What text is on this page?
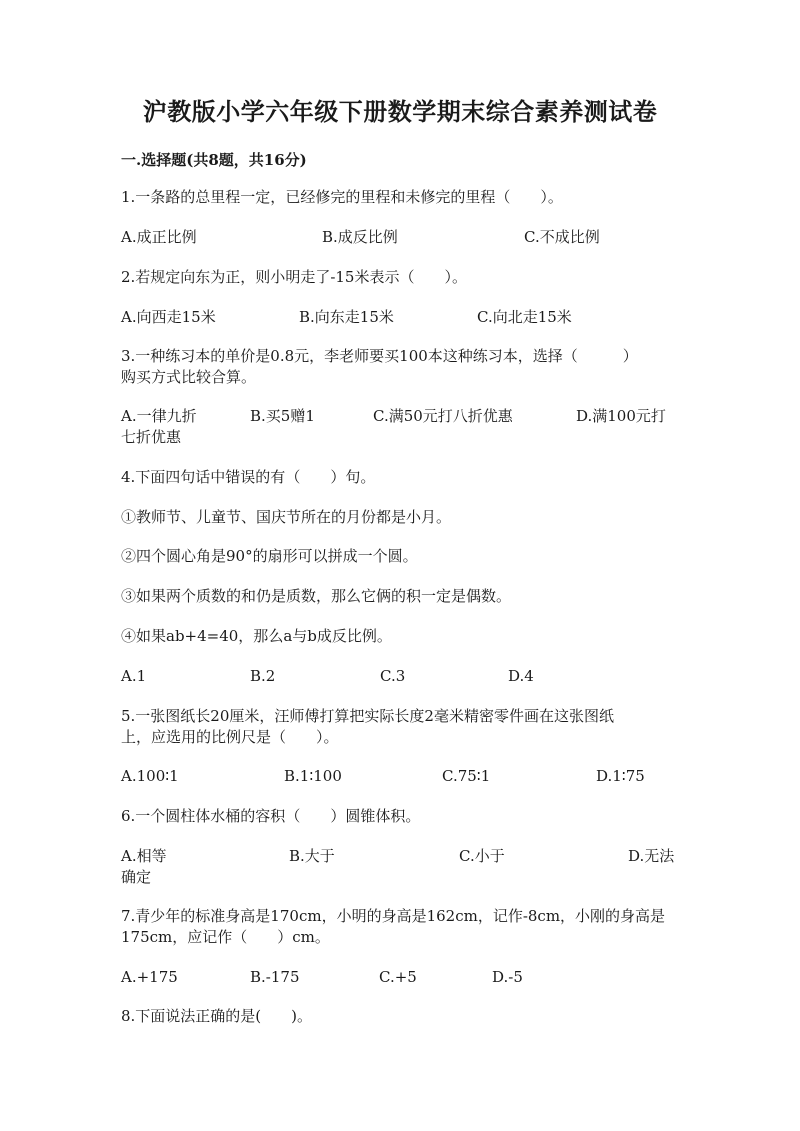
沪教版小学六年级下册数学期末综合素养测试卷
一.选择题(共8题，共16分)
1.一条路的总里程一定，已经修完的里程和未修完的里程（　　）。
A.成正比例	B.成反比例	C.不成比例
2.若规定向东为正，则小明走了-15米表示（　　）。
A.向西走15米	B.向东走15米	C.向北走15米
3.一种练习本的单价是0.8元，李老师要买100本这种练习本，选择（　　　）
购买方式比较合算。
A.一律九折	B.买5赠1	C.满50元打八折优惠	D.满100元打
七折优惠
4.下面四句话中错误的有（　　）句。
①教师节、儿童节、国庆节所在的月份都是小月。
②四个圆心角是90°的扇形可以拼成一个圆。
③如果两个质数的和仍是质数，那么它俩的积一定是偶数。
④如果ab+4=40，那么a与b成反比例。
A.1	B.2	C.3	D.4
5.一张图纸长20厘米，汪师傅打算把实际长度2毫米精密零件画在这张图纸
上，应选用的比例尺是（　　）。
A.100∶1	B.1∶100	C.75∶1	D.1∶75
6.一个圆柱体水桶的容积（　　）圆锥体积。
A.相等	B.大于	C.小于	D.无法
确定
7.青少年的标准身高是170cm，小明的身高是162cm，记作-8cm，小刚的身高是
175cm，应记作（　　）cm。
A.+175	B.-175	C.+5	D.-5
8.下面说法正确的是(　　)。
